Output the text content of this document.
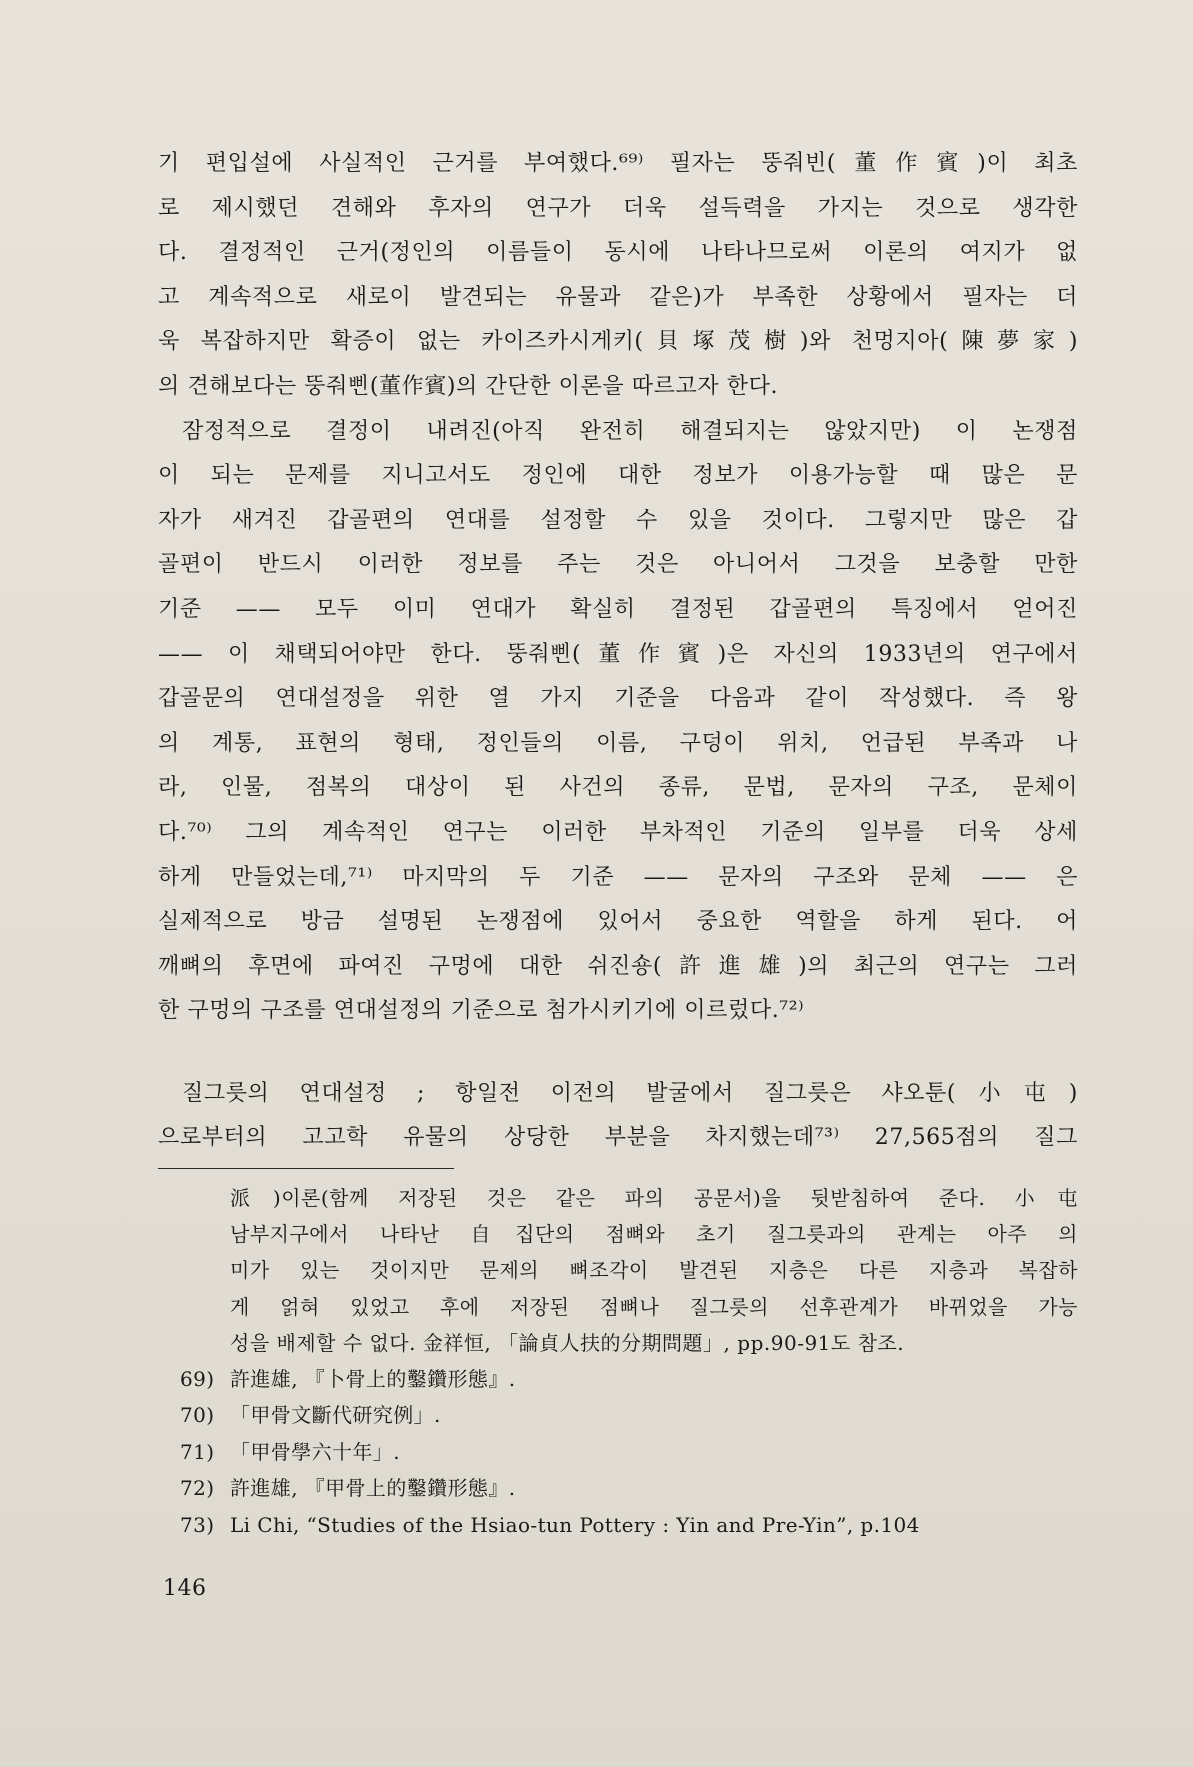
기 편입설에 사실적인 근거를 부여했다.⁶⁹⁾ 필자는 뚱줘빈(董作賓)이 최초
로 제시했던 견해와 후자의 연구가 더욱 설득력을 가지는 것으로 생각한
다. 결정적인 근거(정인의 이름들이 동시에 나타나므로써 이론의 여지가 없
고 계속적으로 새로이 발견되는 유물과 같은)가 부족한 상황에서 필자는 더
욱 복잡하지만 확증이 없는 카이즈카시게키(貝塚茂樹)와 천멍지아(陳夢家)
의 견해보다는 뚱줘삔(董作賓)의 간단한 이론을 따르고자 한다.
잠정적으로 결정이 내려진(아직 완전히 해결되지는 않았지만) 이 논쟁점
이 되는 문제를 지니고서도 정인에 대한 정보가 이용가능할 때 많은 문
자가 새겨진 갑골편의 연대를 설정할 수 있을 것이다. 그렇지만 많은 갑
골편이 반드시 이러한 정보를 주는 것은 아니어서 그것을 보충할 만한
기준 —— 모두 이미 연대가 확실히 결정된 갑골편의 특징에서 얻어진
—— 이 채택되어야만 한다. 뚱줘삔(董作賓)은 자신의 1933년의 연구에서
갑골문의 연대설정을 위한 열 가지 기준을 다음과 같이 작성했다. 즉 왕
의 계통, 표현의 형태, 정인들의 이름, 구덩이 위치, 언급된 부족과 나
라, 인물, 점복의 대상이 된 사건의 종류, 문법, 문자의 구조, 문체이
다.⁷⁰⁾ 그의 계속적인 연구는 이러한 부차적인 기준의 일부를 더욱 상세
하게 만들었는데,⁷¹⁾ 마지막의 두 기준 —— 문자의 구조와 문체 —— 은
실제적으로 방금 설명된 논쟁점에 있어서 중요한 역할을 하게 된다. 어
깨뼈의 후면에 파여진 구멍에 대한 쉬진숑(許進雄)의 최근의 연구는 그러
한 구멍의 구조를 연대설정의 기준으로 첨가시키기에 이르렀다.⁷²⁾
질그릇의 연대설정 ; 항일전 이전의 발굴에서 질그릇은 샤오툰(小屯)
으로부터의 고고학 유물의 상당한 부분을 차지했는데⁷³⁾ 27,565점의 질그
派)이론(함께 저장된 것은 같은 파의 공문서)을 뒷받침하여 준다. 小屯
남부지구에서 나타난 自집단의 점뼈와 초기 질그릇과의 관계는 아주 의
미가 있는 것이지만 문제의 뼈조각이 발견된 지층은 다른 지층과 복잡하
게 얽혀 있었고 후에 저장된 점뼈나 질그릇의 선후관계가 바뀌었을 가능
성을 배제할 수 없다. 金祥恒, 「論貞人扶的分期問題」, pp.90-91도 참조.
69) 許進雄, 『卜骨上的鑿鑽形態』.
70) 「甲骨文斷代研究例」.
71) 「甲骨學六十年」.
72) 許進雄, 『甲骨上的鑿鑽形態』.
73) Li Chi, “Studies of the Hsiao-tun Pottery : Yin and Pre-Yin”, p.104
146
